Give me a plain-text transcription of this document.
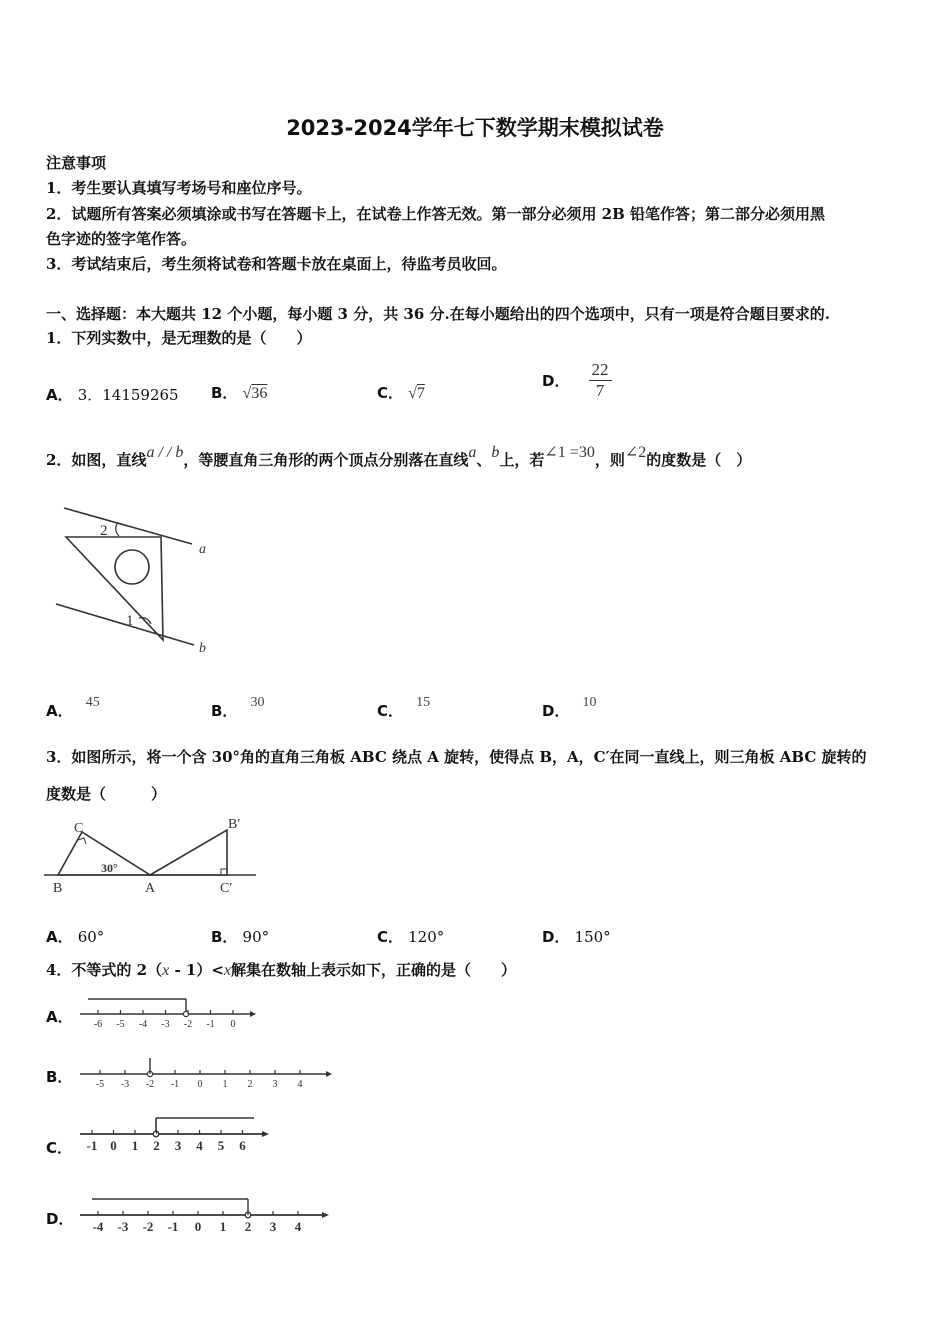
2023-2024学年七下数学期末模拟试卷
注意事项
1．考生要认真填写考场号和座位序号。
2．试题所有答案必须填涂或书写在答题卡上，在试卷上作答无效。第一部分必须用 2B 铅笔作答；第二部分必须用黑
色字迹的签字笔作答。
3．考试结束后，考生须将试卷和答题卡放在桌面上，待监考员收回。
一、选择题：本大题共 12 个小题，每小题 3 分，共 36 分.在每小题给出的四个选项中，只有一项是符合题目要求的.
1．下列实数中，是无理数的是（　　）
A． 3．14159265 B． √36	C． √7
D． $\frac{22}{7}$
2．如图，直线a / / b，等腰直角三角形的两个顶点分别落在直线a、b上，若∠1 =30，则∠2的度数是（　）
2
1
a
b
A． 45	B． 30	C． 15	D． 10
3．如图所示，将一个含 30°角的直角三角板 ABC 绕点 A 旋转，使得点 B，A，C′在同一直线上，则三角板 ABC 旋转的
度数是（　　　）
C
B	A
B′
C′
30°
A． 60°	B． 90°	C． 120°	D． 150°
4．不等式的 2（x - 1）<x解集在数轴上表示如下，正确的是（　　）
A． -6 -5 -4 -3 -2 -1 0
B． -5 -3 -2 -1 0 1 2 3 4
C． -1 0 1 2 3 4 5 6
D． -4 -3 -2 -1 0 1 2 3 4
